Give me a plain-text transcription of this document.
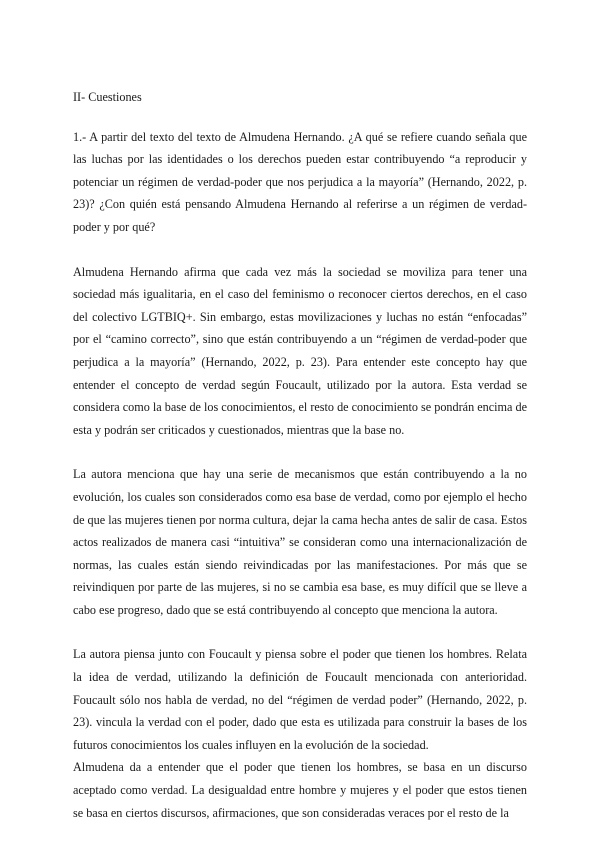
II- Cuestiones
1.- A partir del texto del texto de Almudena Hernando. ¿A qué se refiere cuando señala que las luchas por las identidades o los derechos pueden estar contribuyendo “a reproducir y potenciar un régimen de verdad-poder que nos perjudica a la mayoría” (Hernando, 2022, p. 23)? ¿Con quién está pensando Almudena Hernando al referirse a un régimen de verdad-poder y por qué?
Almudena Hernando afirma que cada vez más la sociedad se moviliza para tener una sociedad más igualitaria, en el caso del feminismo o reconocer ciertos derechos, en el caso del colectivo LGTBIQ+. Sin embargo, estas movilizaciones y luchas no están “enfocadas” por el “camino correcto”, sino que están contribuyendo a un “régimen de verdad-poder que perjudica a la mayoría” (Hernando, 2022, p. 23). Para entender este concepto hay que entender el concepto de verdad según Foucault, utilizado por la autora. Esta verdad se considera como la base de los conocimientos, el resto de conocimiento se pondrán encima de esta y podrán ser criticados y cuestionados, mientras que la base no.
La autora menciona que hay una serie de mecanismos que están contribuyendo a la no evolución, los cuales son considerados como esa base de verdad, como por ejemplo el hecho de que las mujeres tienen por norma cultura, dejar la cama hecha antes de salir de casa. Estos actos realizados de manera casi “intuitiva” se consideran como una internacionalización de normas, las cuales están siendo reivindicadas por las manifestaciones. Por más que se reivindiquen por parte de las mujeres, si no se cambia esa base, es muy difícil que se lleve a cabo ese progreso, dado que se está contribuyendo al concepto que menciona la autora.
La autora piensa junto con Foucault y piensa sobre el poder que tienen los hombres. Relata la idea de verdad, utilizando la definición de Foucault mencionada con anterioridad. Foucault sólo nos habla de verdad, no del “régimen de verdad poder” (Hernando, 2022, p. 23). vincula la verdad con el poder, dado que esta es utilizada para construir la bases de los futuros conocimientos los cuales influyen en la evolución de la sociedad.
Almudena da a entender que el poder que tienen los hombres, se basa en un discurso aceptado como verdad. La desigualdad entre hombre y mujeres y el poder que estos tienen se basa en ciertos discursos, afirmaciones, que son consideradas veraces por el resto de la
